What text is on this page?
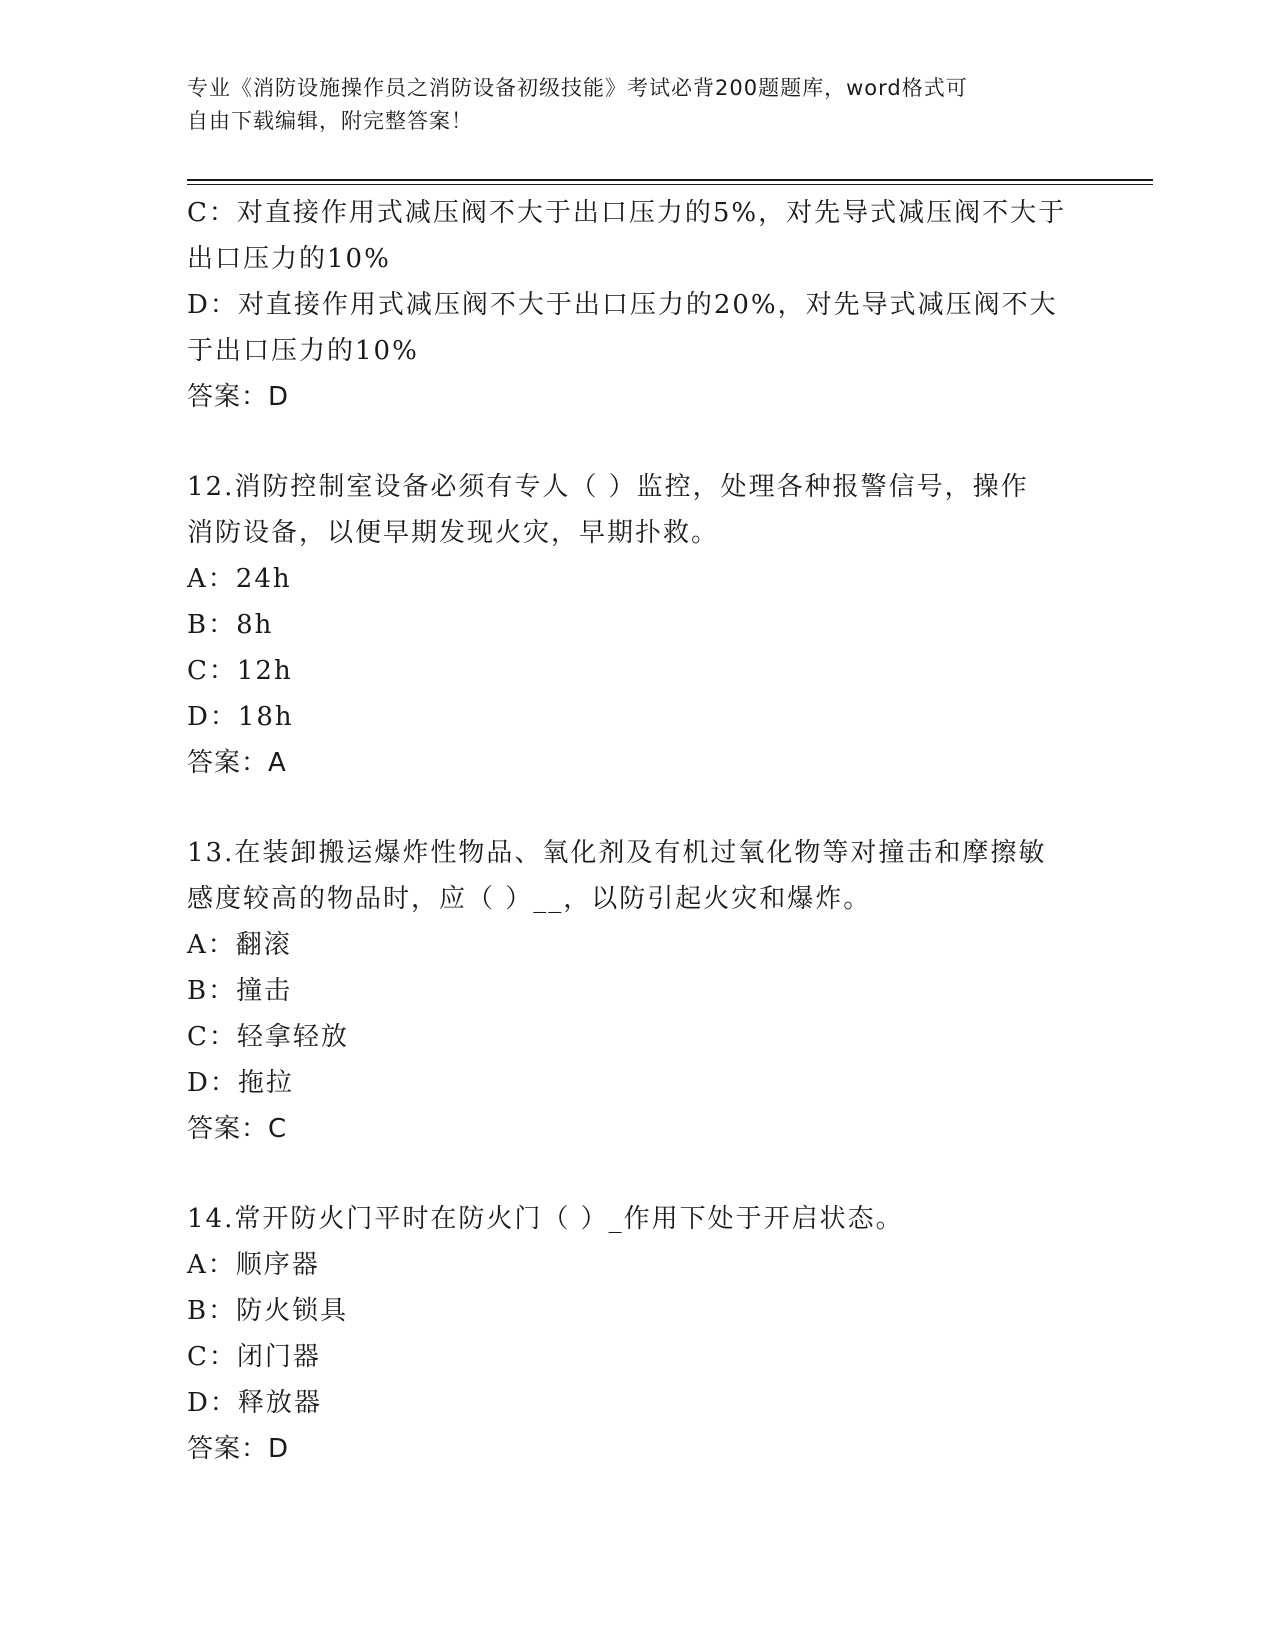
专业《消防设施操作员之消防设备初级技能》考试必背200题题库，word格式可
自由下载编辑，附完整答案！
C：对直接作用式减压阀不大于出口压力的5%，对先导式减压阀不大于
出口压力的10%
D：对直接作用式减压阀不大于出口压力的20%，对先导式减压阀不大
于出口压力的10%
答案：D
12.消防控制室设备必须有专人（ ）监控，处理各种报警信号，操作
消防设备，以便早期发现火灾，早期扑救。
A：24h
B：8h
C：12h
D：18h
答案：A
13.在装卸搬运爆炸性物品、氧化剂及有机过氧化物等对撞击和摩擦敏
感度较高的物品时，应（ ）__，以防引起火灾和爆炸。
A：翻滚
B：撞击
C：轻拿轻放
D：拖拉
答案：C
14.常开防火门平时在防火门（ ）_作用下处于开启状态。
A：顺序器
B：防火锁具
C：闭门器
D：释放器
答案：D
